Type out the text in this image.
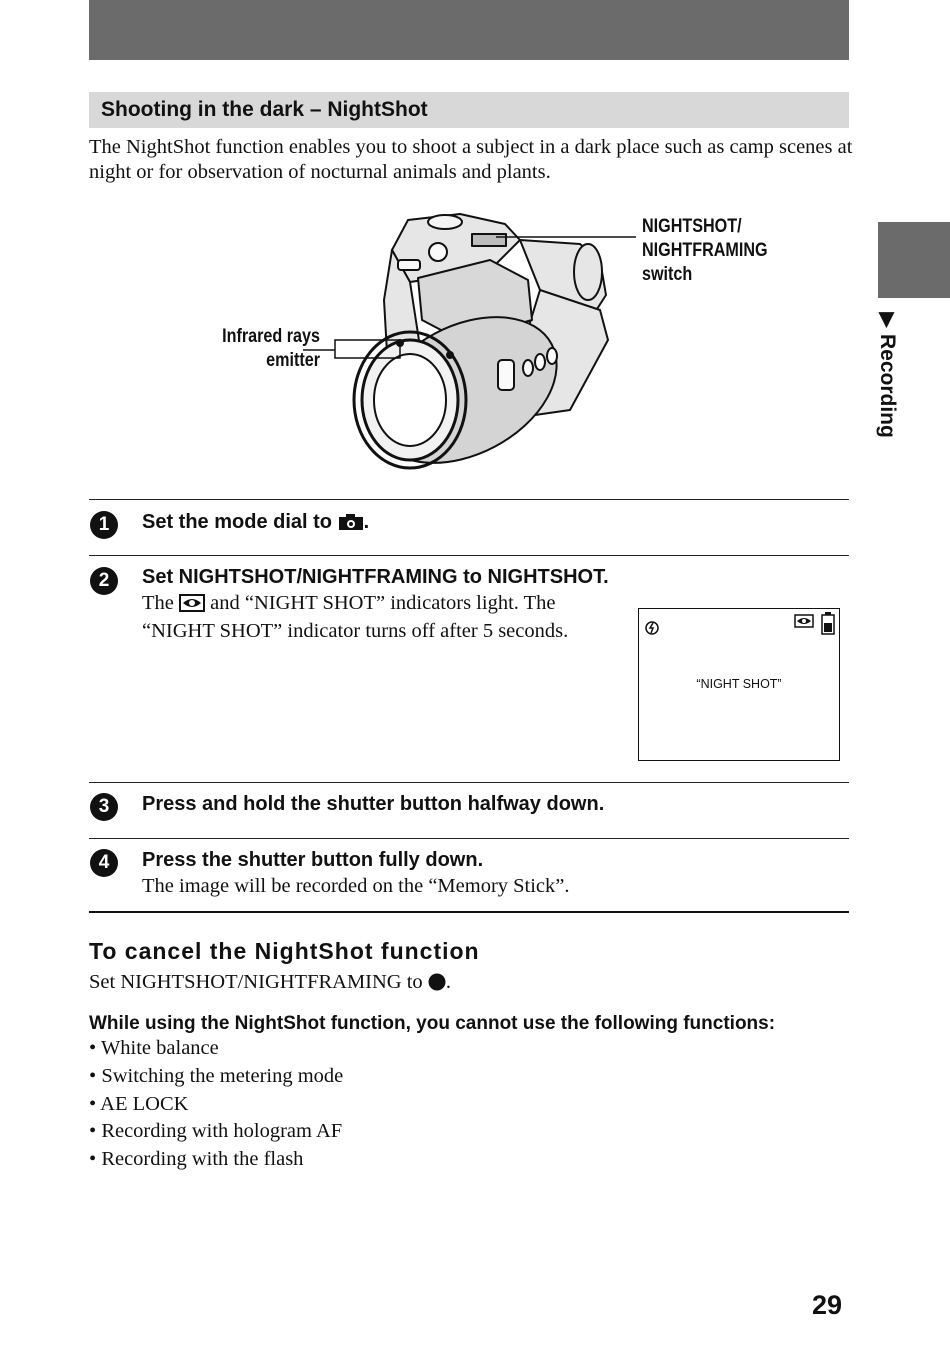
Shooting in the dark – NightShot
The NightShot function enables you to shoot a subject in a dark place such as camp scenes at night or for observation of nocturnal animals and plants.
NIGHTSHOT/
NIGHTFRAMING
switch
Infrared rays
emitter
1	Set the mode dial to .
2	Set NIGHTSHOT/NIGHTFRAMING to NIGHTSHOT.
The and “NIGHT SHOT” indicators light. The
“NIGHT SHOT” indicator turns off after 5 seconds.
“NIGHT SHOT”
3	Press and hold the shutter button halfway down.
4	Press the shutter button fully down.
The image will be recorded on the “Memory Stick”.
To cancel the NightShot function
Set NIGHTSHOT/NIGHTFRAMING to .
While using the NightShot function, you cannot use the following functions:
• White balance
• Switching the metering mode
• AE LOCK
• Recording with hologram AF
• Recording with the flash
▶ Recording
29
